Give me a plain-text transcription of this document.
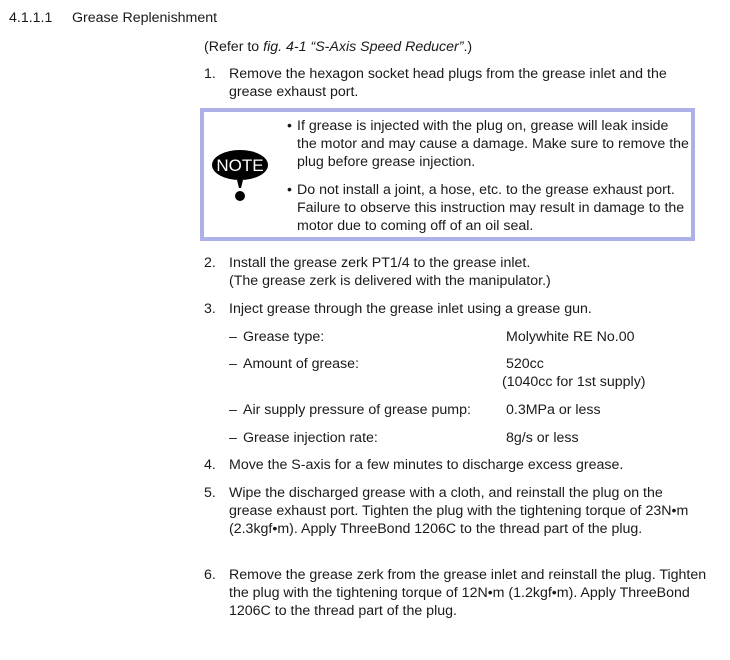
4.1.1.1 Grease Replenishment
(Refer to fig. 4-1 “S-Axis Speed Reducer”.)
1. Remove the hexagon socket head plugs from the grease inlet and the grease exhaust port.
NOTE
• If grease is injected with the plug on, grease will leak inside the motor and may cause a damage. Make sure to remove the plug before grease injection.
• Do not install a joint, a hose, etc. to the grease exhaust port. Failure to observe this instruction may result in damage to the motor due to coming off of an oil seal.
2. Install the grease zerk PT1/4 to the grease inlet.
(The grease zerk is delivered with the manipulator.)
3. Inject grease through the grease inlet using a grease gun.
– Grease type:	Molywhite RE No.00
– Amount of grease:	520cc
(1040cc for 1st supply)
– Air supply pressure of grease pump: 0.3MPa or less
– Grease injection rate:	8g/s or less
4. Move the S-axis for a few minutes to discharge excess grease.
5. Wipe the discharged grease with a cloth, and reinstall the plug on the grease exhaust port. Tighten the plug with the tightening torque of 23N•m (2.3kgf•m). Apply ThreeBond 1206C to the thread part of the plug.
6. Remove the grease zerk from the grease inlet and reinstall the plug. Tighten the plug with the tightening torque of 12N•m (1.2kgf•m). Apply ThreeBond 1206C to the thread part of the plug.
